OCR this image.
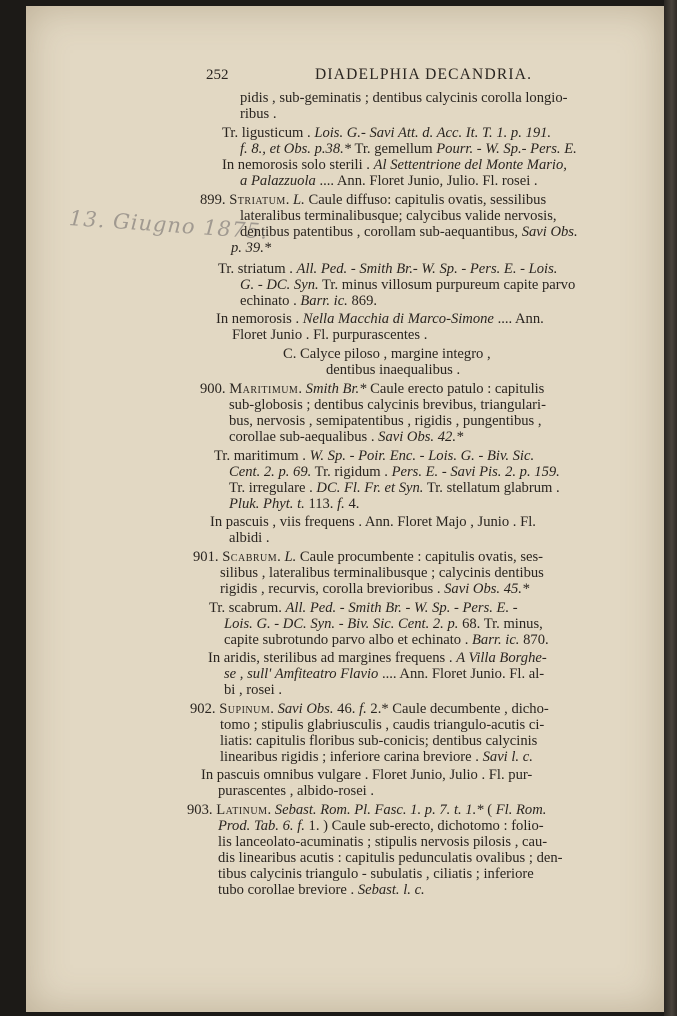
252	DIADELPHIA DECANDRIA.
13. Giugno 1875.
pidis , sub-geminatis ; dentibus calycinis corolla longio-
ribus .
Tr. ligusticum . Lois. G.- Savi Att. d. Acc. It. T. 1. p. 191.
f. 8., et Obs. p.38.* Tr. gemellum Pourr. - W. Sp.- Pers. E.
In nemorosis solo sterili . Al Settentrione del Monte Mario,
a Palazzuola .... Ann. Floret Junio, Julio. Fl. rosei .
899. Striatum. L. Caule diffuso: capitulis ovatis, sessilibus
lateralibus terminalibusque; calycibus valide nervosis,
dentibus patentibus , corollam sub-aequantibus, Savi Obs.
p. 39.*
Tr. striatum . All. Ped. - Smith Br.- W. Sp. - Pers. E. - Lois.
G. - DC. Syn. Tr. minus villosum purpureum capite parvo
echinato . Barr. ic. 869.
In nemorosis . Nella Macchia di Marco-Simone .... Ann.
Floret Junio . Fl. purpurascentes .
C. Calyce piloso , margine integro ,
dentibus inaequalibus .
900. Maritimum. Smith Br.* Caule erecto patulo : capitulis
sub-globosis ; dentibus calycinis brevibus, triangulari-
bus, nervosis , semipatentibus , rigidis , pungentibus ,
corollae sub-aequalibus . Savi Obs. 42.*
Tr. maritimum . W. Sp. - Poir. Enc. - Lois. G. - Biv. Sic.
Cent. 2. p. 69. Tr. rigidum . Pers. E. - Savi Pis. 2. p. 159.
Tr. irregulare . DC. Fl. Fr. et Syn. Tr. stellatum glabrum .
Pluk. Phyt. t. 113. f. 4.
In pascuis , viis frequens . Ann. Floret Majo , Junio . Fl.
albidi .
901. Scabrum. L. Caule procumbente : capitulis ovatis, ses-
silibus , lateralibus terminalibusque ; calycinis dentibus
rigidis , recurvis, corolla brevioribus . Savi Obs. 45.*
Tr. scabrum. All. Ped. - Smith Br. - W. Sp. - Pers. E. -
Lois. G. - DC. Syn. - Biv. Sic. Cent. 2. p. 68. Tr. minus,
capite subrotundo parvo albo et echinato . Barr. ic. 870.
In aridis, sterilibus ad margines frequens . A Villa Borghe-
se , sull' Amfiteatro Flavio .... Ann. Floret Junio. Fl. al-
bi , rosei .
902. Supinum. Savi Obs. 46. f. 2.* Caule decumbente , dicho-
tomo ; stipulis glabriusculis , caudis triangulo-acutis ci-
liatis: capitulis floribus sub-conicis; dentibus calycinis
linearibus rigidis ; inferiore carina breviore . Savi l. c.
In pascuis omnibus vulgare . Floret Junio, Julio . Fl. pur-
purascentes , albido-rosei .
903. Latinum. Sebast. Rom. Pl. Fasc. 1. p. 7. t. 1.* ( Fl. Rom.
Prod. Tab. 6. f. 1. ) Caule sub-erecto, dichotomo : folio-
lis lanceolato-acuminatis ; stipulis nervosis pilosis , cau-
dis linearibus acutis : capitulis pedunculatis ovalibus ; den-
tibus calycinis triangulo - subulatis , ciliatis ; inferiore
tubo corollae breviore . Sebast. l. c.
